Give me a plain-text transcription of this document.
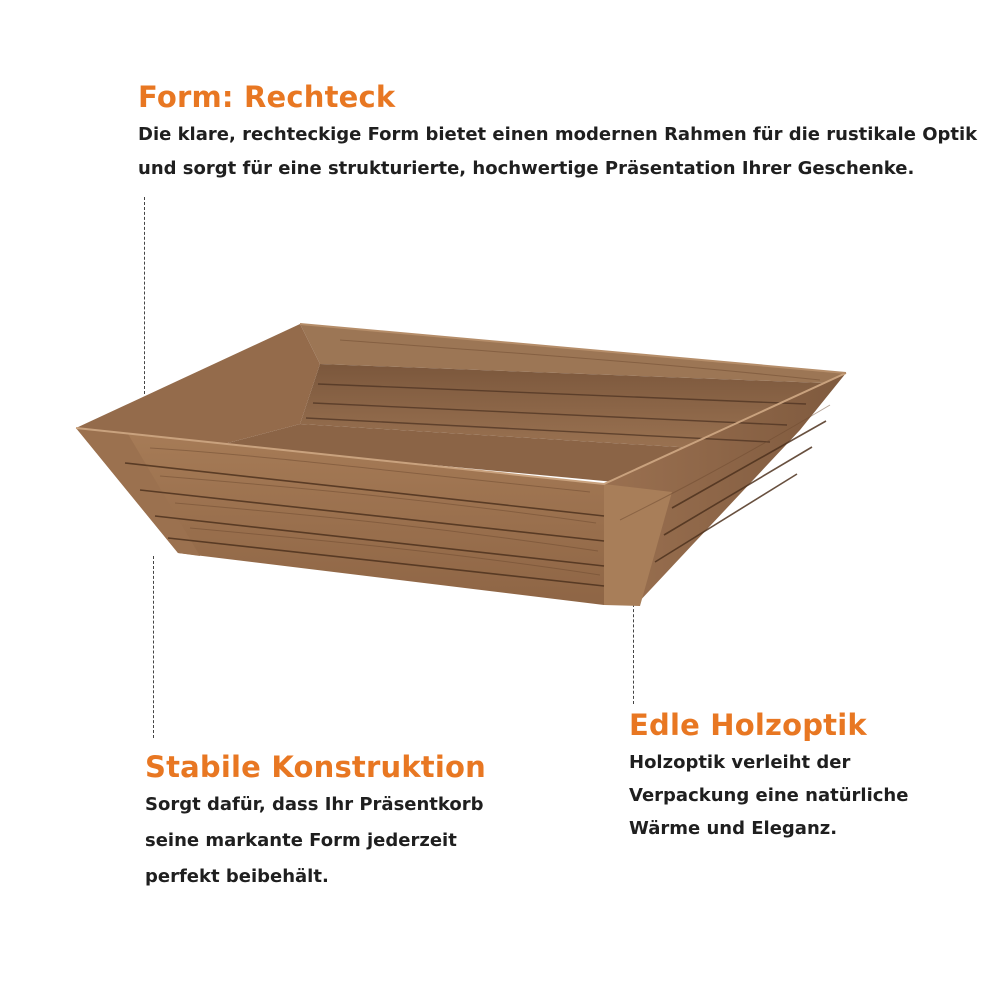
Form: Rechteck

Die klare, rechteckige Form bietet einen modernen Rahmen für die rustikale Optik
und sorgt für eine strukturierte, hochwertige Präsentation Ihrer Geschenke.

Stabile Konstruktion

Sorgt dafür, dass Ihr Präsentkorb
seine markante Form jederzeit
perfekt beibehält.

Edle Holzoptik

Holzoptik verleiht der
Verpackung eine natürliche
Wärme und Eleganz.
